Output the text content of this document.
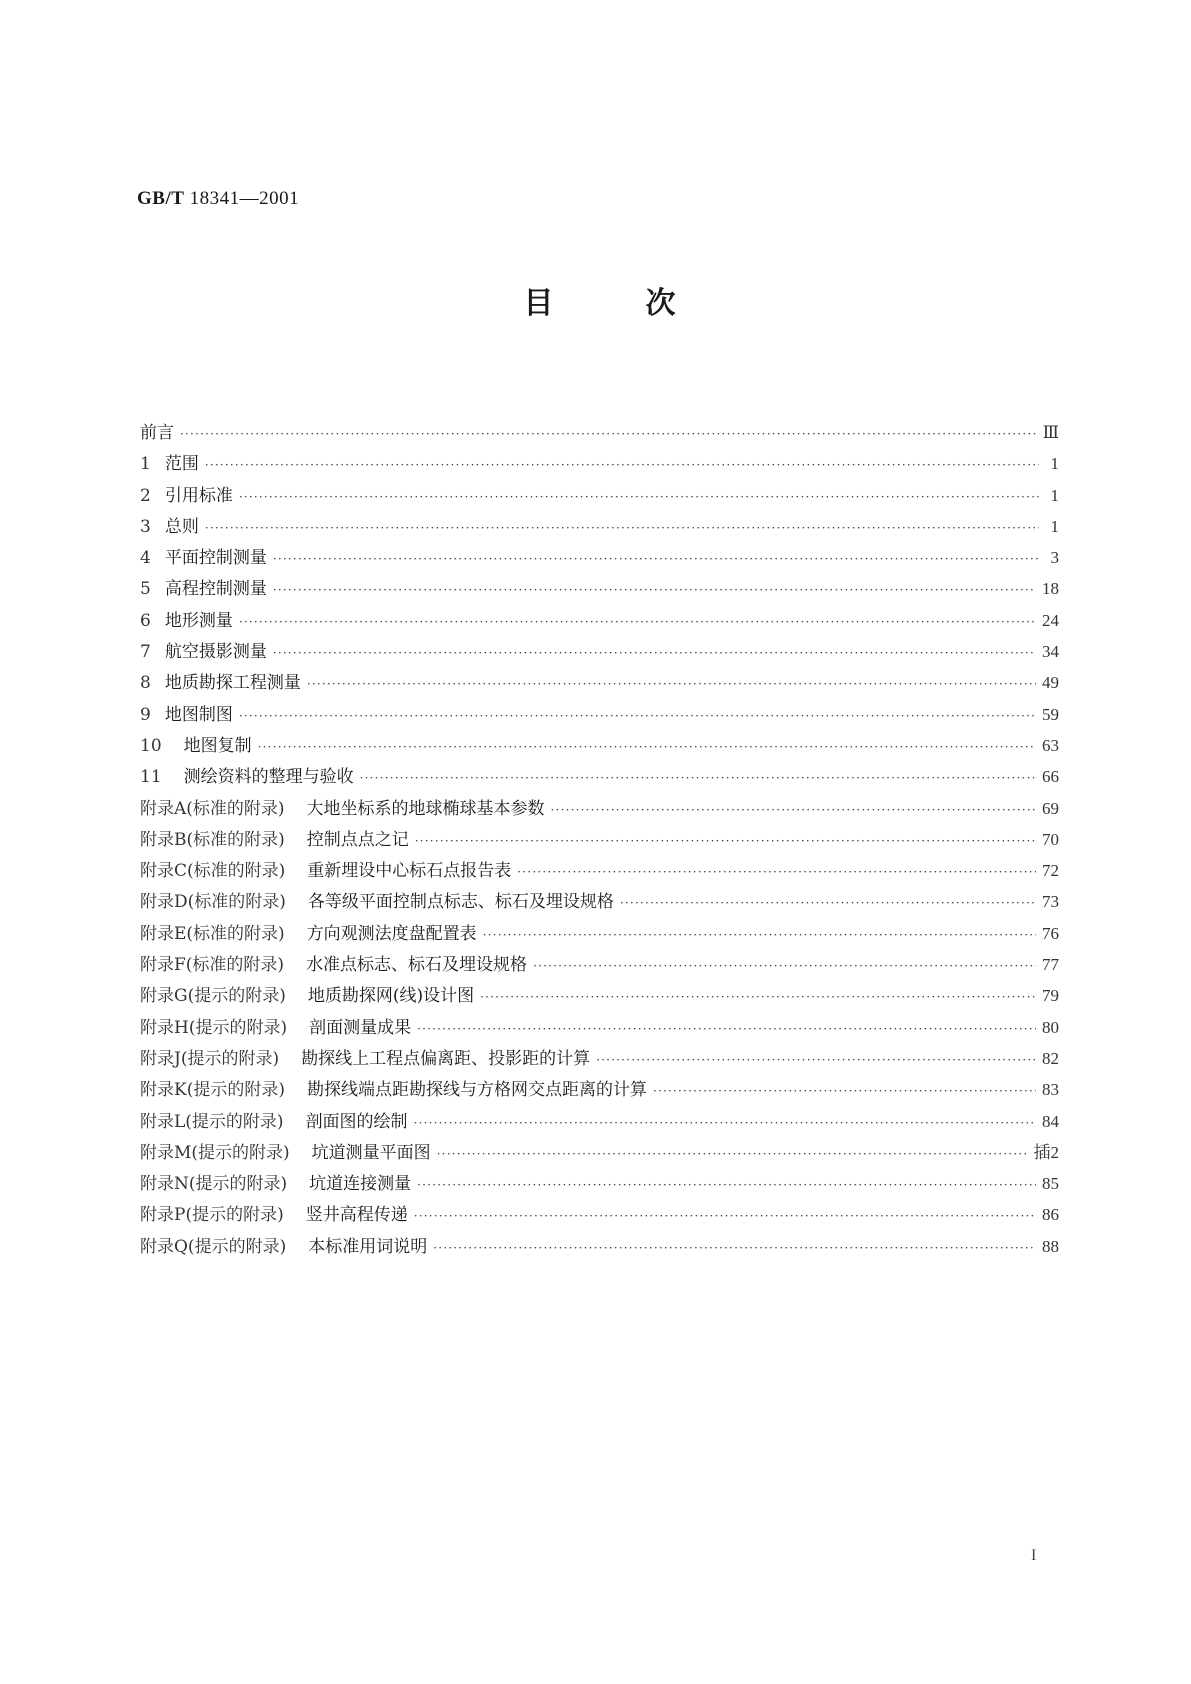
GB/T 18341—2001
目次
前言 ·····	Ⅲ
1 范围 ·····	1
2 引用标准 ·····	1
3 总则 ·····	1
4 平面控制测量 ·····	3
5 高程控制测量 ·····	18
6 地形测量 ·····	24
7 航空摄影测量 ·····	34
8 地质勘探工程测量 ·····	49
9 地图制图 ·····	59
10 地图复制 ·····	63
11 测绘资料的整理与验收 ·····	66
附录A(标准的附录) 大地坐标系的地球椭球基本参数 ·····	69
附录B(标准的附录) 控制点点之记 ·····	70
附录C(标准的附录) 重新埋设中心标石点报告表 ·····	72
附录D(标准的附录) 各等级平面控制点标志、标石及埋设规格 ·····	73
附录E(标准的附录) 方向观测法度盘配置表 ·····	76
附录F(标准的附录) 水准点标志、标石及埋设规格 ·····	77
附录G(提示的附录) 地质勘探网(线)设计图 ·····	79
附录H(提示的附录) 剖面测量成果 ·····	80
附录J(提示的附录) 勘探线上工程点偏离距、投影距的计算 ·····	82
附录K(提示的附录) 勘探线端点距勘探线与方格网交点距离的计算 ·····	83
附录L(提示的附录) 剖面图的绘制 ·····	84
附录M(提示的附录) 坑道测量平面图 ·····	插2
附录N(提示的附录) 坑道连接测量 ·····	85
附录P(提示的附录) 竖井高程传递 ·····	86
附录Q(提示的附录) 本标准用词说明 ·····	88
I
